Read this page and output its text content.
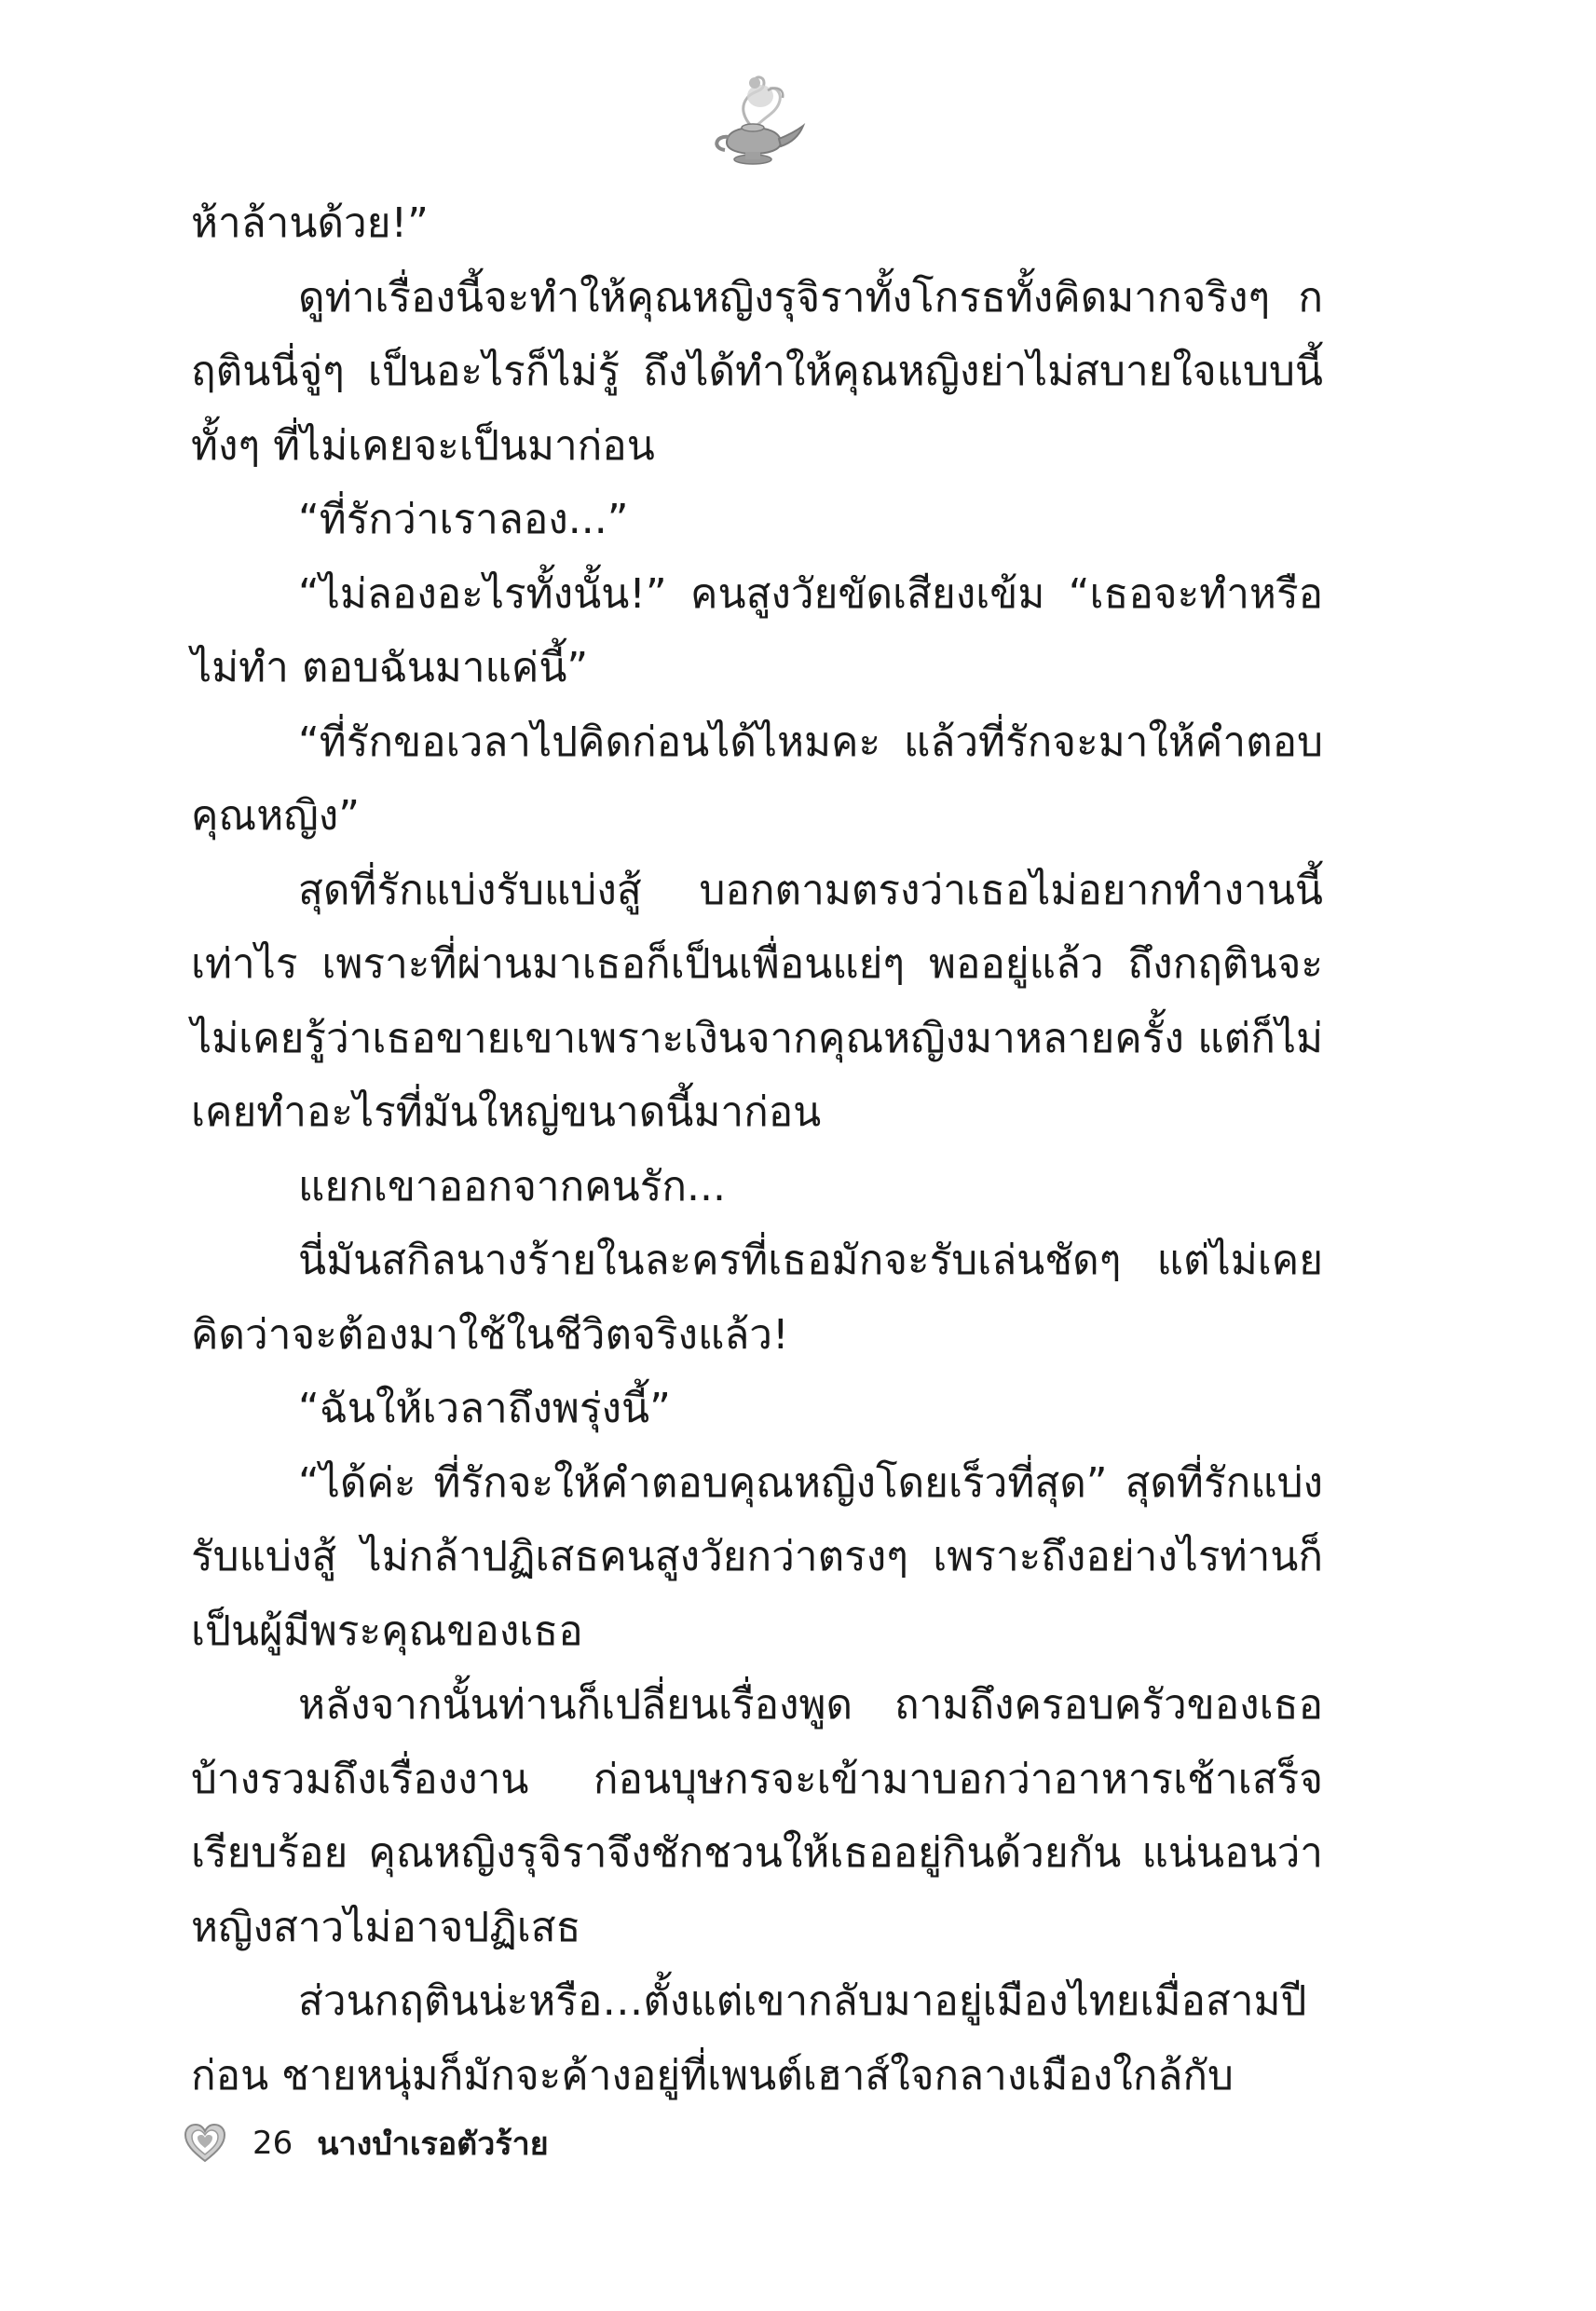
ห้าล้านด้วย!”

ดูท่าเรื่องนี้จะทำให้คุณหญิงรุจิราทั้งโกรธทั้งคิดมากจริงๆ กฤตินนี่จู่ๆ เป็นอะไรก็ไม่รู้ ถึงได้ทำให้คุณหญิงย่าไม่สบายใจแบบนี้ ทั้งๆ ที่ไม่เคยจะเป็นมาก่อน

“ที่รักว่าเราลอง...”

“ไม่ลองอะไรทั้งนั้น!” คนสูงวัยขัดเสียงเข้ม “เธอจะทำหรือไม่ทำ ตอบฉันมาแค่นี้”

“ที่รักขอเวลาไปคิดก่อนได้ไหมคะ แล้วที่รักจะมาให้คำตอบคุณหญิง”

สุดที่รักแบ่งรับแบ่งสู้ บอกตามตรงว่าเธอไม่อยากทำงานนี้เท่าไร เพราะที่ผ่านมาเธอก็เป็นเพื่อนแย่ๆ พออยู่แล้ว ถึงกฤตินจะไม่เคยรู้ว่าเธอขายเขาเพราะเงินจากคุณหญิงมาหลายครั้ง แต่ก็ไม่เคยทำอะไรที่มันใหญ่ขนาดนี้มาก่อน

แยกเขาออกจากคนรัก...

นี่มันสกิลนางร้ายในละครที่เธอมักจะรับเล่นชัดๆ แต่ไม่เคยคิดว่าจะต้องมาใช้ในชีวิตจริงแล้ว!

“ฉันให้เวลาถึงพรุ่งนี้”

“ได้ค่ะ ที่รักจะให้คำตอบคุณหญิงโดยเร็วที่สุด” สุดที่รักแบ่งรับแบ่งสู้ ไม่กล้าปฏิเสธคนสูงวัยกว่าตรงๆ เพราะถึงอย่างไรท่านก็เป็นผู้มีพระคุณของเธอ

หลังจากนั้นท่านก็เปลี่ยนเรื่องพูด ถามถึงครอบครัวของเธอบ้างรวมถึงเรื่องงาน ก่อนบุษกรจะเข้ามาบอกว่าอาหารเช้าเสร็จเรียบร้อย คุณหญิงรุจิราจึงชักชวนให้เธออยู่กินด้วยกัน แน่นอนว่าหญิงสาวไม่อาจปฏิเสธ

ส่วนกฤตินน่ะหรือ…ตั้งแต่เขากลับมาอยู่เมืองไทยเมื่อสามปีก่อน ชายหนุ่มก็มักจะค้างอยู่ที่เพนต์เฮาส์ใจกลางเมืองใกล้กับ

26 นางบำเรอตัวร้าย
